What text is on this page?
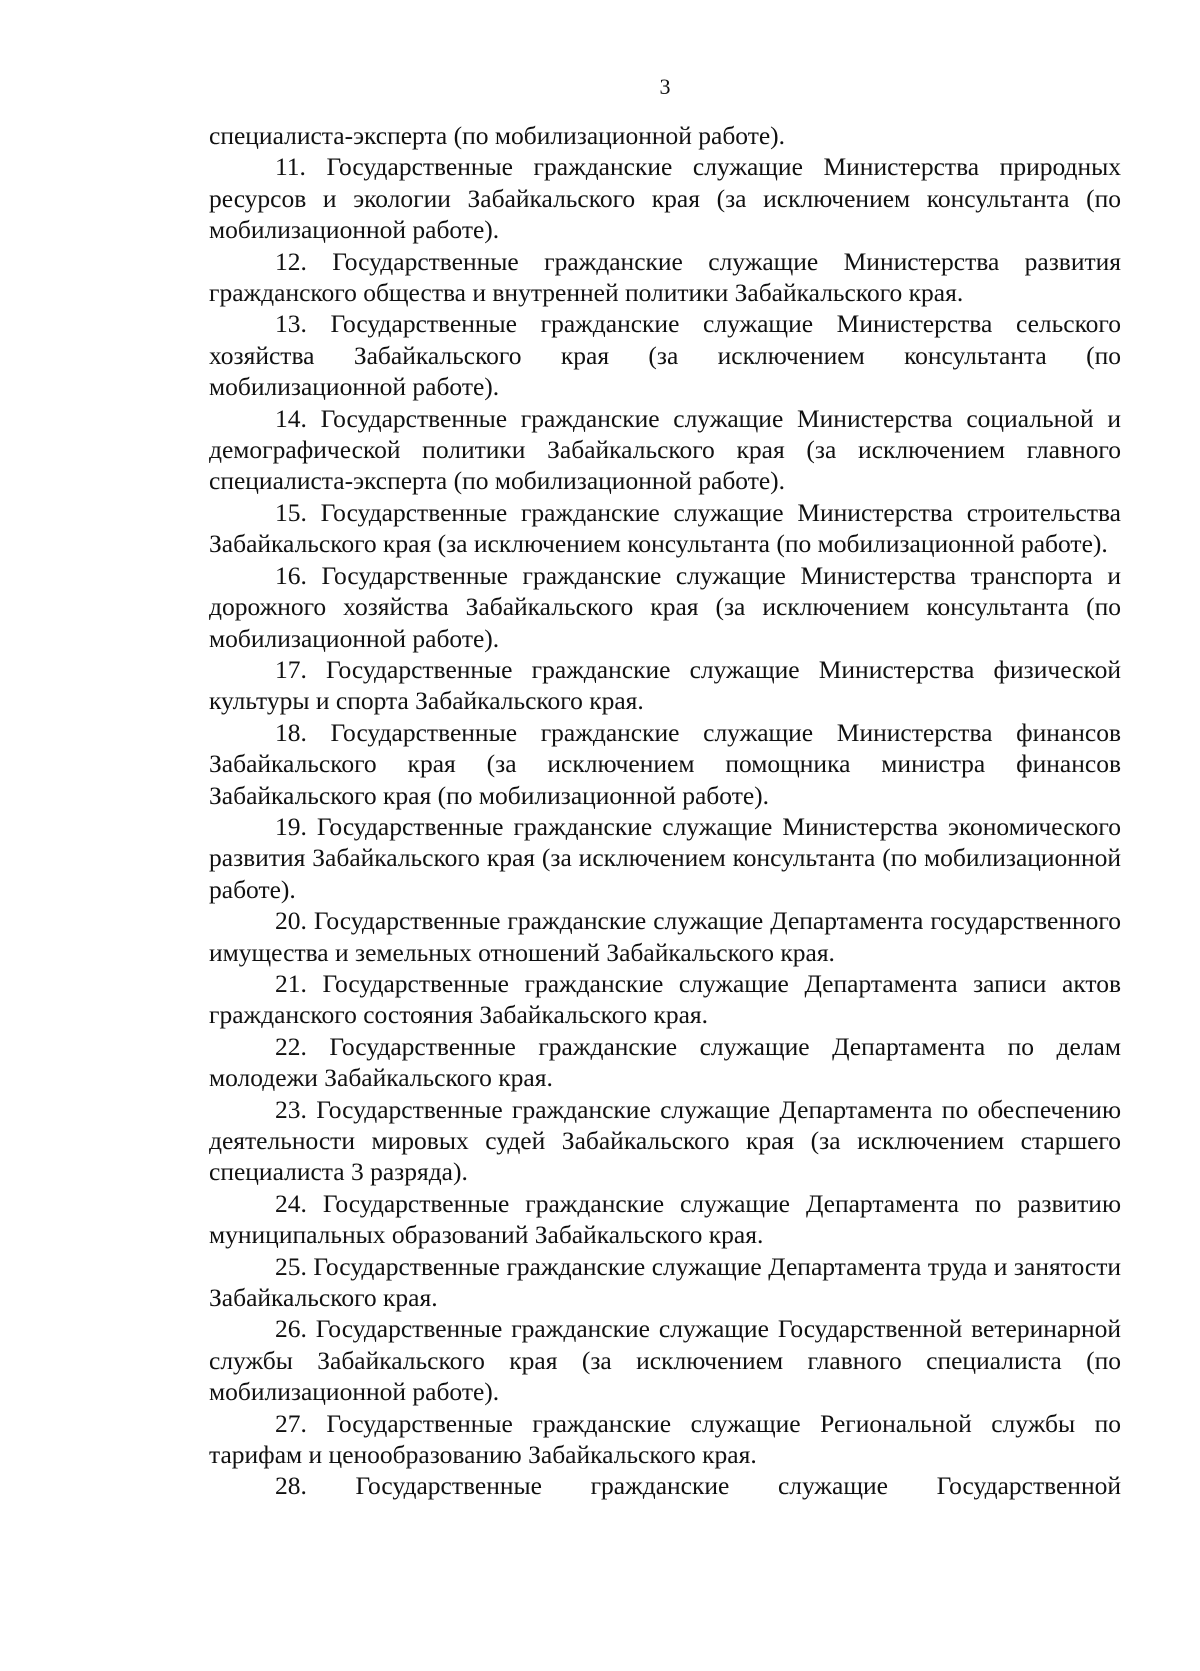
3

специалиста-эксперта (по мобилизационной работе).

11. Государственные гражданские служащие Министерства природных ресурсов и экологии Забайкальского края (за исключением консультанта (по мобилизационной работе).

12. Государственные гражданские служащие Министерства развития гражданского общества и внутренней политики Забайкальского края.

13. Государственные гражданские служащие Министерства сельского хозяйства Забайкальского края (за исключением консультанта (по мобилизационной работе).

14. Государственные гражданские служащие Министерства социальной и демографической политики Забайкальского края (за исключением главного специалиста-эксперта (по мобилизационной работе).

15. Государственные гражданские служащие Министерства строительства Забайкальского края (за исключением консультанта (по мобилизационной работе).

16. Государственные гражданские служащие Министерства транспорта и дорожного хозяйства Забайкальского края (за исключением консультанта (по мобилизационной работе).

17. Государственные гражданские служащие Министерства физической культуры и спорта Забайкальского края.

18. Государственные гражданские служащие Министерства финансов Забайкальского края (за исключением помощника министра финансов Забайкальского края (по мобилизационной работе).

19. Государственные гражданские служащие Министерства экономического развития Забайкальского края (за исключением консультанта (по мобилизационной работе).

20. Государственные гражданские служащие Департамента государственного имущества и земельных отношений Забайкальского края.

21. Государственные гражданские служащие Департамента записи актов гражданского состояния Забайкальского края.

22. Государственные гражданские служащие Департамента по делам молодежи Забайкальского края.

23. Государственные гражданские служащие Департамента по обеспечению деятельности мировых судей Забайкальского края (за исключением старшего специалиста 3 разряда).

24. Государственные гражданские служащие Департамента по развитию муниципальных образований Забайкальского края.

25. Государственные гражданские служащие Департамента труда и занятости Забайкальского края.

26. Государственные гражданские служащие Государственной ветеринарной службы Забайкальского края (за исключением главного специалиста (по мобилизационной работе).

27. Государственные гражданские служащие Региональной службы по тарифам и ценообразованию Забайкальского края.

28. Государственные гражданские служащие Государственной
